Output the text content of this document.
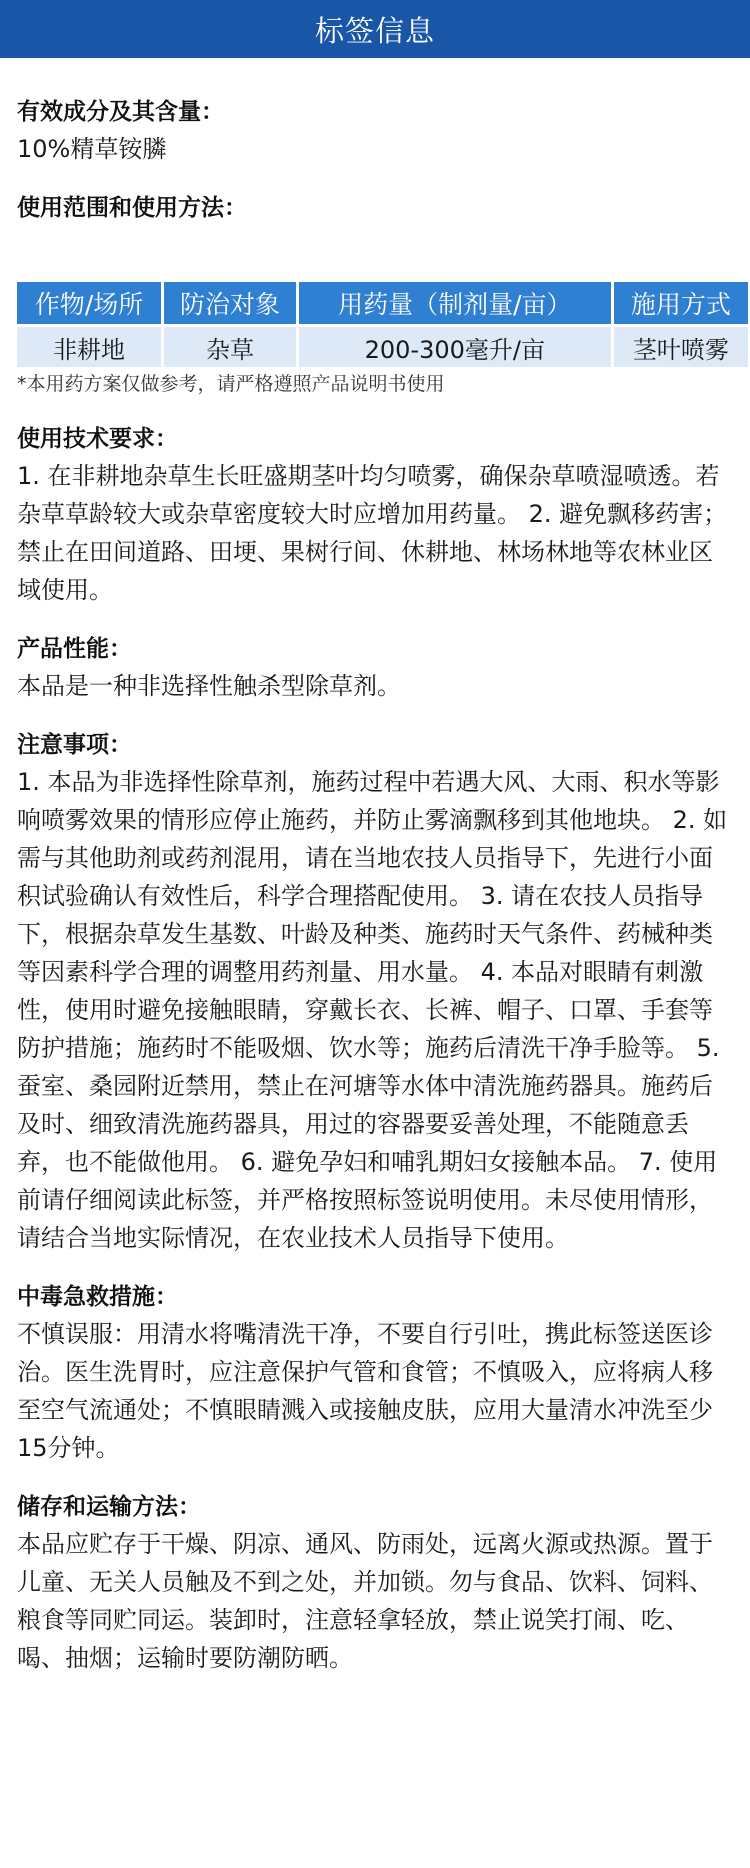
标签信息
有效成分及其含量：
10%精草铵膦
使用范围和使用方法：
作物/场所	防治对象	用药量（制剂量/亩）	施用方式
非耕地	杂草	200-300毫升/亩	茎叶喷雾
*本用药方案仅做参考，请严格遵照产品说明书使用
使用技术要求：
1. 在非耕地杂草生长旺盛期茎叶均匀喷雾，确保杂草喷湿喷透。若杂草草龄较大或杂草密度较大时应增加用药量。 2. 避免飘移药害；禁止在田间道路、田埂、果树行间、休耕地、林场林地等农林业区域使用。
产品性能：
本品是一种非选择性触杀型除草剂。
注意事项：
1. 本品为非选择性除草剂，施药过程中若遇大风、大雨、积水等影响喷雾效果的情形应停止施药，并防止雾滴飘移到其他地块。 2. 如需与其他助剂或药剂混用，请在当地农技人员指导下，先进行小面积试验确认有效性后，科学合理搭配使用。 3. 请在农技人员指导下，根据杂草发生基数、叶龄及种类、施药时天气条件、药械种类等因素科学合理的调整用药剂量、用水量。 4. 本品对眼睛有刺激性，使用时避免接触眼睛，穿戴长衣、长裤、帽子、口罩、手套等防护措施；施药时不能吸烟、饮水等；施药后清洗干净手脸等。 5. 蚕室、桑园附近禁用，禁止在河塘等水体中清洗施药器具。施药后及时、细致清洗施药器具，用过的容器要妥善处理，不能随意丢弃，也不能做他用。 6. 避免孕妇和哺乳期妇女接触本品。 7. 使用前请仔细阅读此标签，并严格按照标签说明使用。未尽使用情形，请结合当地实际情况，在农业技术人员指导下使用。
中毒急救措施：
不慎误服：用清水将嘴清洗干净，不要自行引吐，携此标签送医诊治。医生洗胃时，应注意保护气管和食管；不慎吸入，应将病人移至空气流通处；不慎眼睛溅入或接触皮肤，应用大量清水冲洗至少15分钟。
储存和运输方法：
本品应贮存于干燥、阴凉、通风、防雨处，远离火源或热源。置于儿童、无关人员触及不到之处，并加锁。勿与食品、饮料、饲料、粮食等同贮同运。装卸时，注意轻拿轻放，禁止说笑打闹、吃、喝、抽烟；运输时要防潮防晒。
